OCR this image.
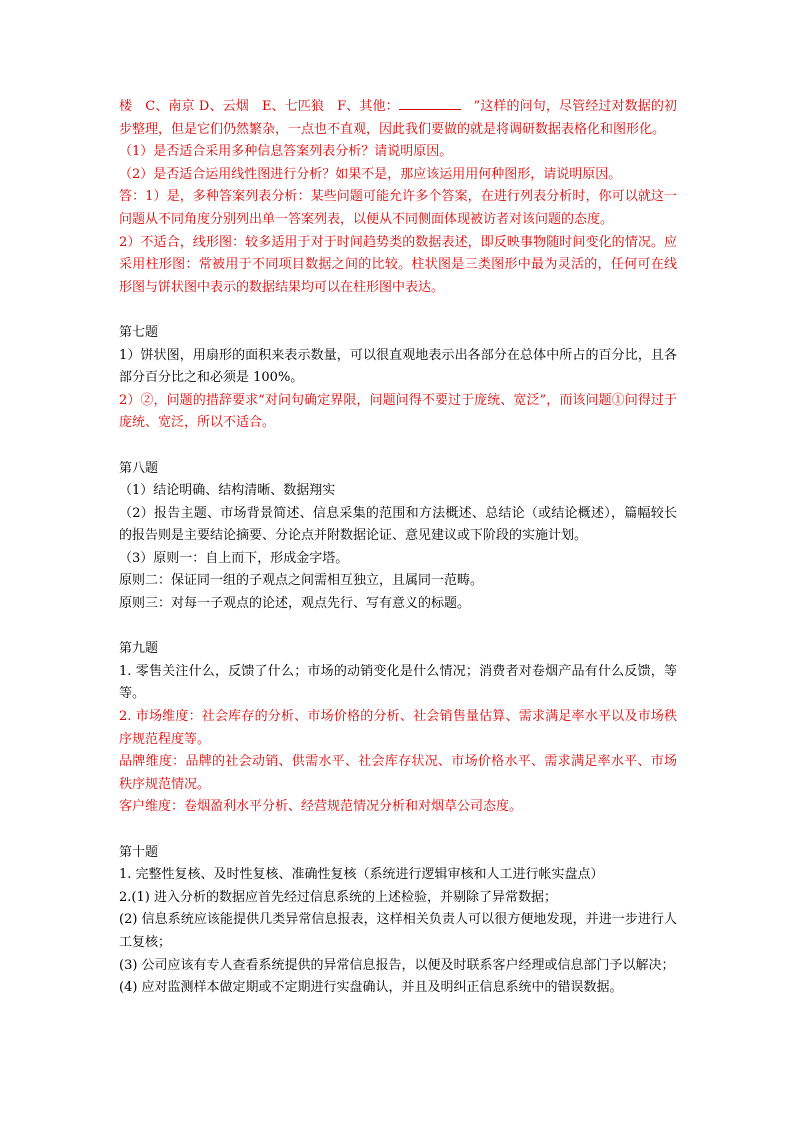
楼　C、南京 D、云烟　E、七匹狼　F、其他：	”这样的问句，尽管经过对数据的初步整理，但是它们仍然繁杂，一点也不直观，因此我们要做的就是将调研数据表格化和图形化。

（1）是否适合采用多种信息答案列表分析？请说明原因。

（2）是否适合运用线性图进行分析？如果不是，那应该运用用何种图形，请说明原因。

答：1）是，多种答案列表分析：某些问题可能允许多个答案，在进行列表分析时，你可以就这一问题从不同角度分别列出单一答案列表，以便从不同侧面体现被访者对该问题的态度。

2）不适合，线形图：较多适用于对于时间趋势类的数据表述，即反映事物随时间变化的情况。应采用柱形图：常被用于不同项目数据之间的比较。柱状图是三类图形中最为灵活的，任何可在线形图与饼状图中表示的数据结果均可以在柱形图中表达。

第七题

1）饼状图，用扇形的面积来表示数量，可以很直观地表示出各部分在总体中所占的百分比，且各部分百分比之和必须是 100%。

2）②，问题的措辞要求“对问句确定界限，问题问得不要过于庞统、宽泛”，而该问题①问得过于庞统、宽泛，所以不适合。

第八题

（1）结论明确、结构清晰、数据翔实

（2）报告主题、市场背景简述、信息采集的范围和方法概述、总结论（或结论概述），篇幅较长的报告则是主要结论摘要、分论点并附数据论证、意见建议或下阶段的实施计划。

（3）原则一：自上而下，形成金字塔。

原则二：保证同一组的子观点之间需相互独立，且属同一范畴。

原则三：对每一子观点的论述，观点先行、写有意义的标题。

第九题

1. 零售关注什么，反馈了什么；市场的动销变化是什么情况；消费者对卷烟产品有什么反馈，等等。

2. 市场维度：社会库存的分析、市场价格的分析、社会销售量估算、需求满足率水平以及市场秩序规范程度等。

品牌维度：品牌的社会动销、供需水平、社会库存状况、市场价格水平、需求满足率水平、市场秩序规范情况。

客户维度：卷烟盈利水平分析、经营规范情况分析和对烟草公司态度。

第十题

1. 完整性复核、及时性复核、准确性复核（系统进行逻辑审核和人工进行帐实盘点）

2.(1) 进入分析的数据应首先经过信息系统的上述检验，并剔除了异常数据；

(2) 信息系统应该能提供几类异常信息报表，这样相关负责人可以很方便地发现，并进一步进行人工复核；

(3) 公司应该有专人查看系统提供的异常信息报告，以便及时联系客户经理或信息部门予以解决；

(4) 应对监测样本做定期或不定期进行实盘确认，并且及明纠正信息系统中的错误数据。
